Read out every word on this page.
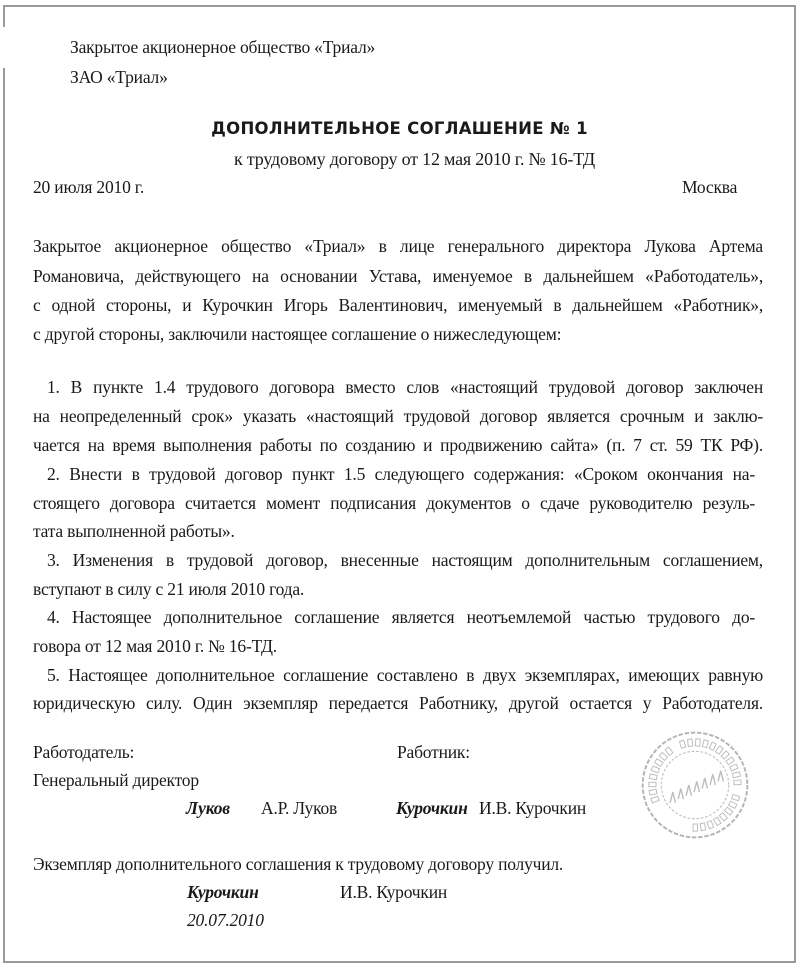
Закрытое акционерное общество «Триал»
ЗАО «Триал»
ДОПОЛНИТЕЛЬНОЕ СОГЛАШЕНИЕ № 1
к трудовому договору от 12 мая 2010 г. № 16-ТД
20 июля 2010 г.	Москва
Закрытое акционерное общество «Триал» в лице генерального директора Лукова Артема
Романовича, действующего на основании Устава, именуемое в дальнейшем «Работодатель»,
с одной стороны, и Курочкин Игорь Валентинович, именуемый в дальнейшем «Работник»,
с другой стороны, заключили настоящее соглашение о нижеследующем:
1. В пункте 1.4 трудового договора вместо слов «настоящий трудовой договор заключен
на неопределенный срок» указать «настоящий трудовой договор является срочным и заклю-
чается на время выполнения работы по созданию и продвижению сайта» (п. 7 ст. 59 ТК РФ).
2. Внести в трудовой договор пункт 1.5 следующего содержания: «Сроком окончания на-
стоящего договора считается момент подписания документов о сдаче руководителю резуль-
тата выполненной работы».
3. Изменения в трудовой договор, внесенные настоящим дополнительным соглашением,
вступают в силу с 21 июля 2010 года.
4. Настоящее дополнительное соглашение является неотъемлемой частью трудового до-
говора от 12 мая 2010 г. № 16-ТД.
5. Настоящее дополнительное соглашение составлено в двух экземплярах, имеющих равную
юридическую силу. Один экземпляр передается Работнику, другой остается у Работодателя.
Работодатель:
Генеральный директор
Луков А.Р. Луков
Работник:
Курочкин И.В. Курочкин
Экземпляр дополнительного соглашения к трудовому договору получил.
Курочкин	И.В. Курочкин
20.07.2010
